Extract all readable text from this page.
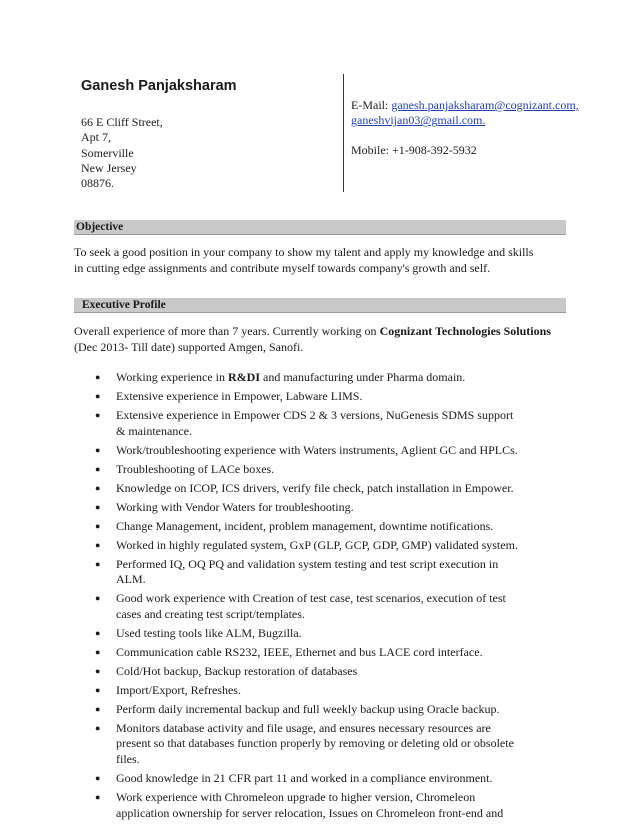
Ganesh Panjaksharam
66 E Cliff Street,
Apt 7,
Somerville
New Jersey
08876.
E-Mail: ganesh.panjaksharam@cognizant.com,
ganeshvijan03@gmail.com.
Mobile: +1-908-392-5932
Objective
To seek a good position in your company to show my talent and apply my knowledge and skills
in cutting edge assignments and contribute myself towards company's growth and self.
Executive Profile
Overall experience of more than 7 years. Currently working on Cognizant Technologies Solutions
(Dec 2013- Till date) supported Amgen, Sanofi.
● Working experience in R&DI and manufacturing under Pharma domain.
● Extensive experience in Empower, Labware LIMS.
● Extensive experience in Empower CDS 2 & 3 versions, NuGenesis SDMS support
& maintenance.
● Work/troubleshooting experience with Waters instruments, Aglient GC and HPLCs.
● Troubleshooting of LACe boxes.
● Knowledge on ICOP, ICS drivers, verify file check, patch installation in Empower.
● Working with Vendor Waters for troubleshooting.
● Change Management, incident, problem management, downtime notifications.
● Worked in highly regulated system, GxP (GLP, GCP, GDP, GMP) validated system.
● Performed IQ, OQ PQ and validation system testing and test script execution in
ALM.
● Good work experience with Creation of test case, test scenarios, execution of test
cases and creating test script/templates.
● Used testing tools like ALM, Bugzilla.
● Communication cable RS232, IEEE, Ethernet and bus LACE cord interface.
● Cold/Hot backup, Backup restoration of databases
● Import/Export, Refreshes.
● Perform daily incremental backup and full weekly backup using Oracle backup.
● Monitors database activity and file usage, and ensures necessary resources are
present so that databases function properly by removing or deleting old or obsolete
files.
● Good knowledge in 21 CFR part 11 and worked in a compliance environment.
● Work experience with Chromeleon upgrade to higher version, Chromeleon
application ownership for server relocation, Issues on Chromeleon front-end and
